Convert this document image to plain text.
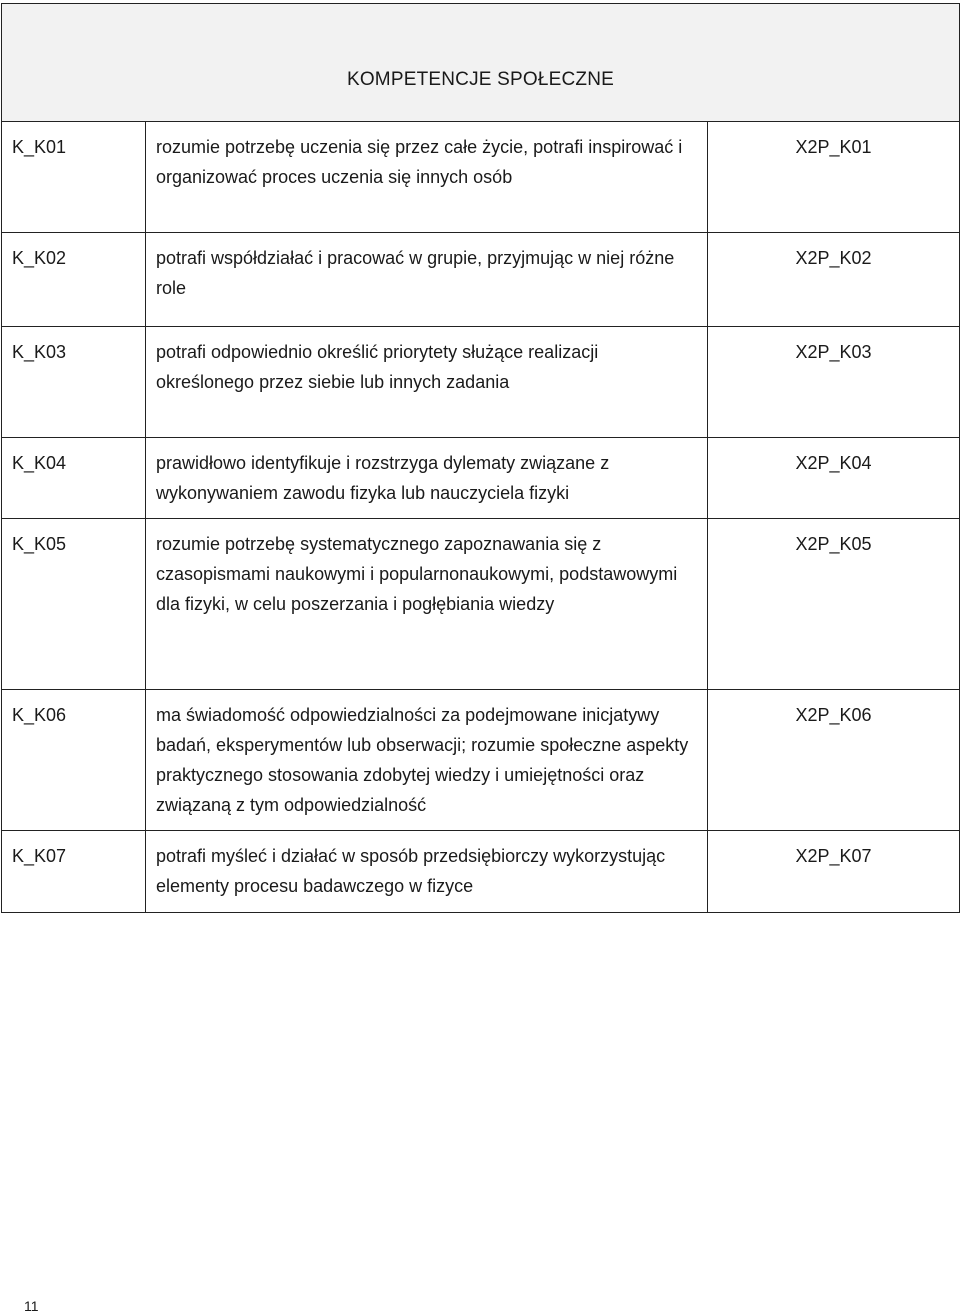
KOMPETENCJE SPOŁECZNE		

K_K01	rozumie potrzebę uczenia się przez całe życie, potrafi inspirować i organizować proces uczenia się innych osób	X2P_K01
K_K02	potrafi współdziałać i pracować w grupie, przyjmując w niej różne role	X2P_K02
K_K03	potrafi odpowiednio określić priorytety służące realizacji określonego przez siebie lub innych zadania	X2P_K03
K_K04	prawidłowo identyfikuje i rozstrzyga dylematy związane z wykonywaniem zawodu fizyka lub nauczyciela fizyki	X2P_K04
K_K05	rozumie potrzebę systematycznego zapoznawania się z czasopismami naukowymi i popularnonaukowymi, podstawowymi dla fizyki, w celu poszerzania i pogłębiania wiedzy	X2P_K05
K_K06	ma świadomość odpowiedzialności za podejmowane inicjatywy badań, eksperymentów lub obserwacji; rozumie społeczne aspekty praktycznego stosowania zdobytej wiedzy i umiejętności oraz związaną z tym odpowiedzialność	X2P_K06
K_K07	potrafi myśleć i działać w sposób przedsiębiorczy wykorzystując elementy procesu badawczego w fizyce	X2P_K07
11
